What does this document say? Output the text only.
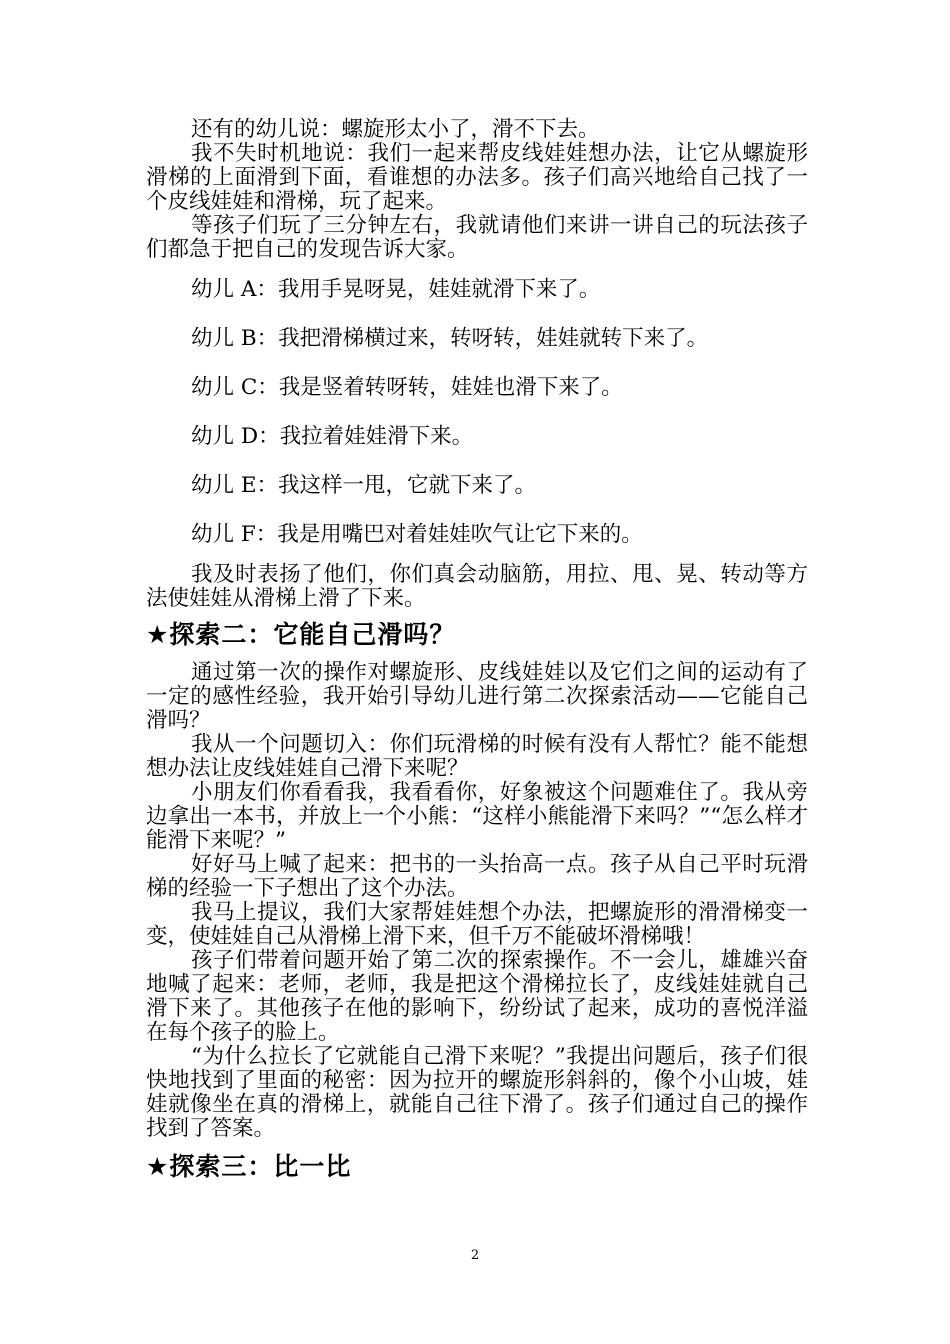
还有的幼儿说：螺旋形太小了，滑不下去。

我不失时机地说：我们一起来帮皮线娃娃想办法，让它从螺旋形滑梯的上面滑到下面，看谁想的办法多。孩子们高兴地给自己找了一个皮线娃娃和滑梯，玩了起来。

等孩子们玩了三分钟左右，我就请他们来讲一讲自己的玩法孩子们都急于把自己的发现告诉大家。

幼儿 A：我用手晃呀晃，娃娃就滑下来了。

幼儿 B：我把滑梯横过来，转呀转，娃娃就转下来了。

幼儿 C：我是竖着转呀转，娃娃也滑下来了。

幼儿 D：我拉着娃娃滑下来。

幼儿 E：我这样一甩，它就下来了。

幼儿 F：我是用嘴巴对着娃娃吹气让它下来的。

我及时表扬了他们，你们真会动脑筋，用拉、甩、晃、转动等方法使娃娃从滑梯上滑了下来。

★探索二：它能自己滑吗？

通过第一次的操作对螺旋形、皮线娃娃以及它们之间的运动有了一定的感性经验，我开始引导幼儿进行第二次探索活动——它能自己滑吗？

我从一个问题切入：你们玩滑梯的时候有没有人帮忙？能不能想想办法让皮线娃娃自己滑下来呢？

小朋友们你看看我，我看看你，好象被这个问题难住了。我从旁边拿出一本书，并放上一个小熊：“这样小熊能滑下来吗？”“怎么样才能滑下来呢？”

好好马上喊了起来：把书的一头抬高一点。孩子从自己平时玩滑梯的经验一下子想出了这个办法。

我马上提议，我们大家帮娃娃想个办法，把螺旋形的滑滑梯变一变，使娃娃自己从滑梯上滑下来，但千万不能破坏滑梯哦！

孩子们带着问题开始了第二次的探索操作。不一会儿，雄雄兴奋地喊了起来：老师，老师，我是把这个滑梯拉长了，皮线娃娃就自己滑下来了。其他孩子在他的影响下，纷纷试了起来，成功的喜悦洋溢在每个孩子的脸上。

“为什么拉长了它就能自己滑下来呢？”我提出问题后，孩子们很快地找到了里面的秘密：因为拉开的螺旋形斜斜的，像个小山坡，娃娃就像坐在真的滑梯上，就能自己往下滑了。孩子们通过自己的操作找到了答案。

★探索三：比一比
2
